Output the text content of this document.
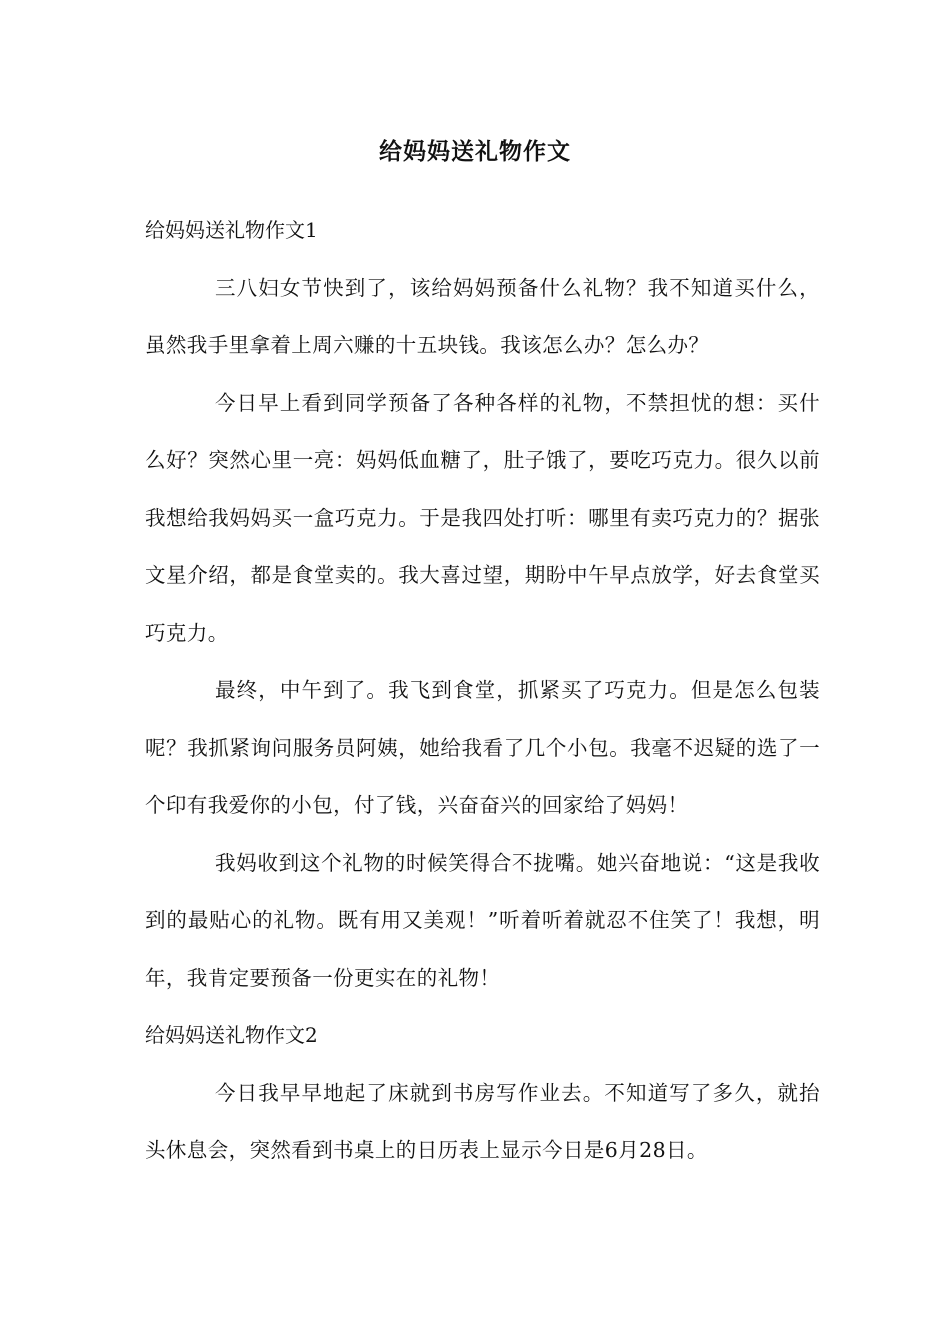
给妈妈送礼物作文
给妈妈送礼物作文1

三八妇女节快到了，该给妈妈预备什么礼物？我不知道买什么，虽然我手里拿着上周六赚的十五块钱。我该怎么办？怎么办？

今日早上看到同学预备了各种各样的礼物，不禁担忧的想：买什么好？突然心里一亮：妈妈低血糖了，肚子饿了，要吃巧克力。很久以前我想给我妈妈买一盒巧克力。于是我四处打听：哪里有卖巧克力的？据张文星介绍，都是食堂卖的。我大喜过望，期盼中午早点放学，好去食堂买巧克力。

最终，中午到了。我飞到食堂，抓紧买了巧克力。但是怎么包装呢？我抓紧询问服务员阿姨，她给我看了几个小包。我毫不迟疑的选了一个印有我爱你的小包，付了钱，兴奋奋兴的回家给了妈妈！

我妈收到这个礼物的时候笑得合不拢嘴。她兴奋地说：“这是我收到的最贴心的礼物。既有用又美观！”听着听着就忍不住笑了！我想，明年，我肯定要预备一份更实在的礼物！

给妈妈送礼物作文2

今日我早早地起了床就到书房写作业去。不知道写了多久，就抬头休息会，突然看到书桌上的日历表上显示今日是6月28日。
